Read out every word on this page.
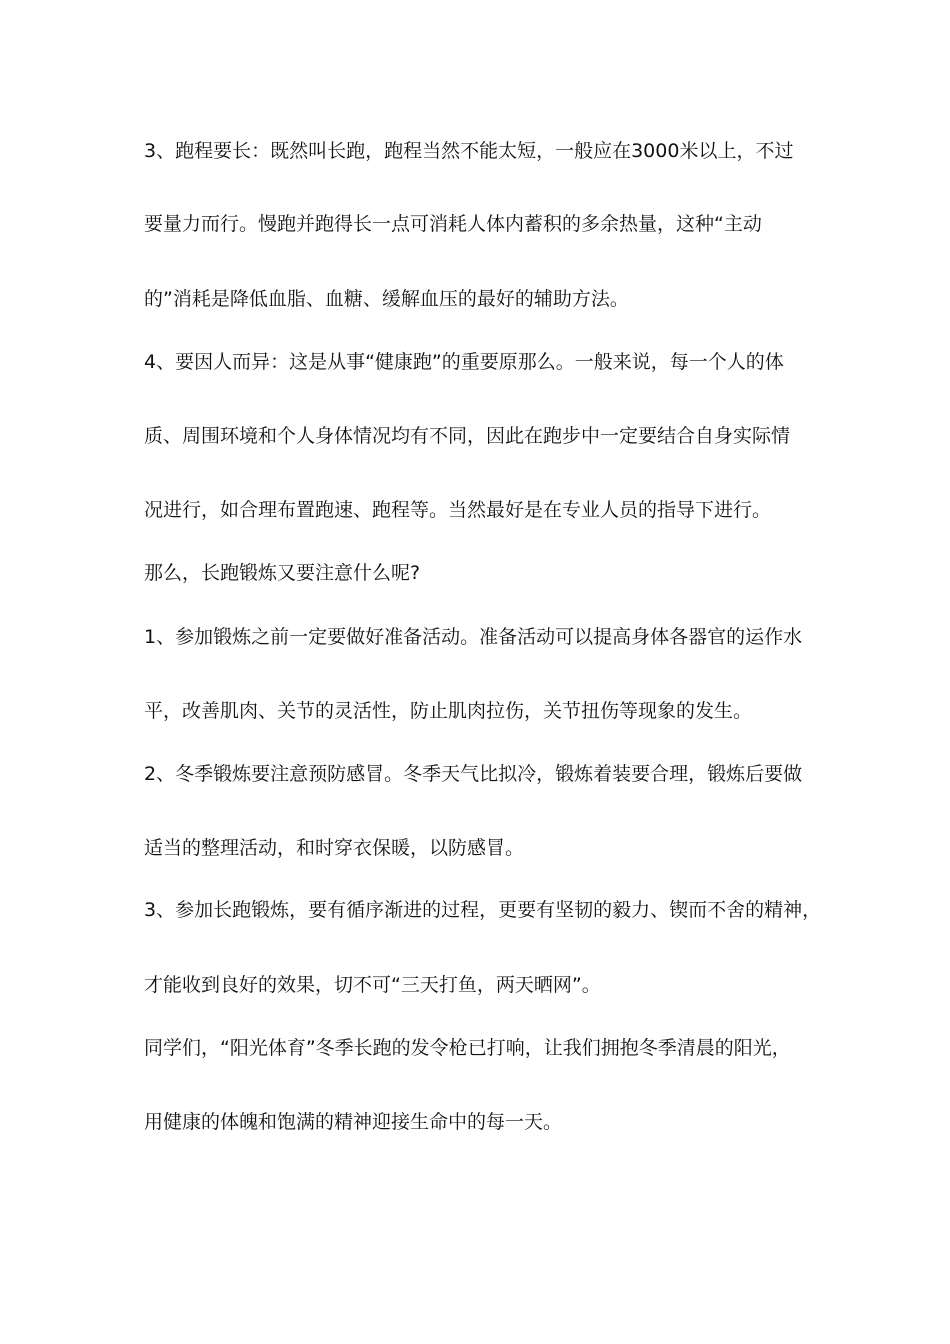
3、跑程要长：既然叫长跑，跑程当然不能太短，一般应在3000米以上，不过
要量力而行。慢跑并跑得长一点可消耗人体内蓄积的多余热量，这种“主动
的”消耗是降低血脂、血糖、缓解血压的最好的辅助方法。
4、要因人而异：这是从事“健康跑”的重要原那么。一般来说，每一个人的体
质、周围环境和个人身体情况均有不同，因此在跑步中一定要结合自身实际情
况进行，如合理布置跑速、跑程等。当然最好是在专业人员的指导下进行。
那么，长跑锻炼又要注意什么呢?
1、参加锻炼之前一定要做好准备活动。准备活动可以提高身体各器官的运作水
平，改善肌肉、关节的灵活性，防止肌肉拉伤，关节扭伤等现象的发生。
2、冬季锻炼要注意预防感冒。冬季天气比拟冷，锻炼着装要合理，锻炼后要做
适当的整理活动，和时穿衣保暖，以防感冒。
3、参加长跑锻炼，要有循序渐进的过程，更要有坚韧的毅力、锲而不舍的精神，
才能收到良好的效果，切不可“三天打鱼，两天晒网”。
同学们，“阳光体育”冬季长跑的发令枪已打响，让我们拥抱冬季清晨的阳光，
用健康的体魄和饱满的精神迎接生命中的每一天。
